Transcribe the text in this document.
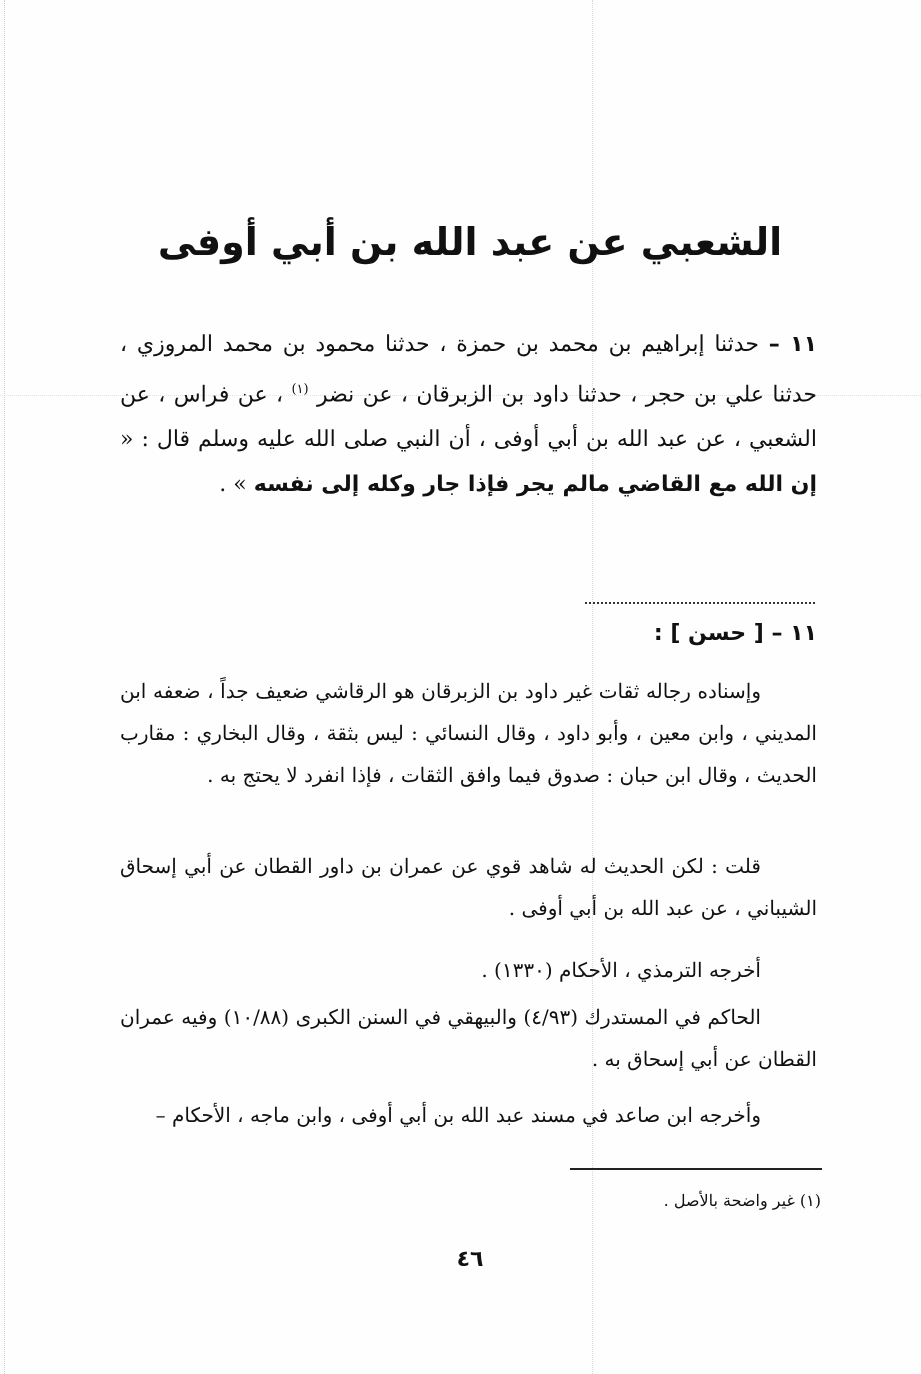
الشعبي عن عبد الله بن أبي أوفى
١١ – حدثنا إبراهيم بن محمد بن حمزة ، حدثنا محمود بن محمد المروزي ، حدثنا علي بن حجر ، حدثنا داود بن الزبرقان ، عن نضر $^{(١)}$ ، عن فراس ، عن الشعبي ، عن عبد الله بن أبي أوفى ، أن النبي صلى الله عليه وسلم قال : « إن الله مع القاضي مالم يجر فإذا جار وكله إلى نفسه » .
١١ – [ حسن ] :
وإسناده رجاله ثقات غير داود بن الزبرقان هو الرقاشي ضعيف جداً ، ضعفه ابن المديني ، وابن معين ، وأبو داود ، وقال النسائي : ليس بثقة ، وقال البخاري : مقارب الحديث ، وقال ابن حبان : صدوق فيما وافق الثقات ، فإذا انفرد لا يحتج به .
قلت : لكن الحديث له شاهد قوي عن عمران بن داور القطان عن أبي إسحاق الشيباني ، عن عبد الله بن أبي أوفى .
أخرجه الترمذي ، الأحكام (١٣٣٠) .
الحاكم في المستدرك (٤/٩٣) والبيهقي في السنن الكبرى (١٠/٨٨) وفيه عمران القطان عن أبي إسحاق به .
وأخرجه ابن صاعد في مسند عبد الله بن أبي أوفى ، وابن ماجه ، الأحكام –
(١) غير واضحة بالأصل .
٤٦
